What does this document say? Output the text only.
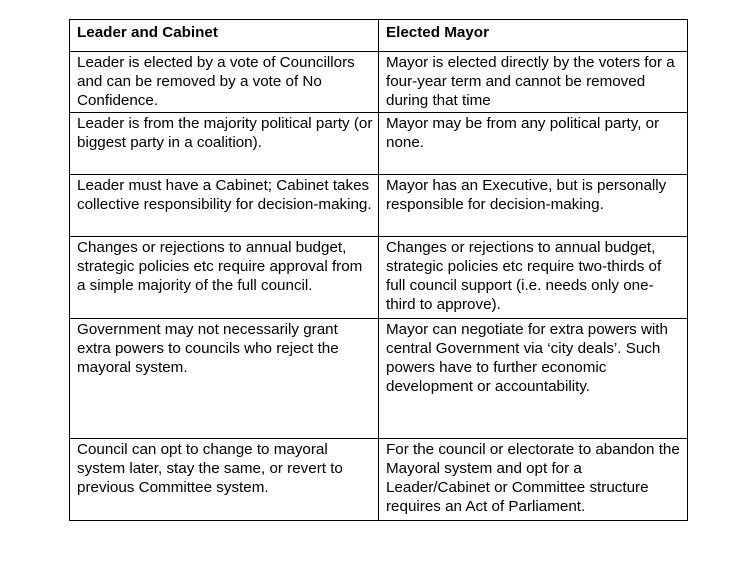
Leader and Cabinet	Elected Mayor
Leader is elected by a vote of Councillors and can be removed by a vote of No Confidence.	Mayor is elected directly by the voters for a four-year term and cannot be removed during that time
Leader is from the majority political party (or biggest party in a coalition).	Mayor may be from any political party, or none.
Leader must have a Cabinet; Cabinet takes collective responsibility for decision-making.	Mayor has an Executive, but is personally responsible for decision-making.
Changes or rejections to annual budget, strategic policies etc require approval from a simple majority of the full council.	Changes or rejections to annual budget, strategic policies etc require two-thirds of full council support (i.e. needs only one-third to approve).
Government may not necessarily grant extra powers to councils who reject the mayoral system.	Mayor can negotiate for extra powers with central Government via ‘city deals’. Such powers have to further economic development or accountability.
Council can opt to change to mayoral system later, stay the same, or revert to previous Committee system.	For the council or electorate to abandon the Mayoral system and opt for a Leader/Cabinet or Committee structure requires an Act of Parliament.
